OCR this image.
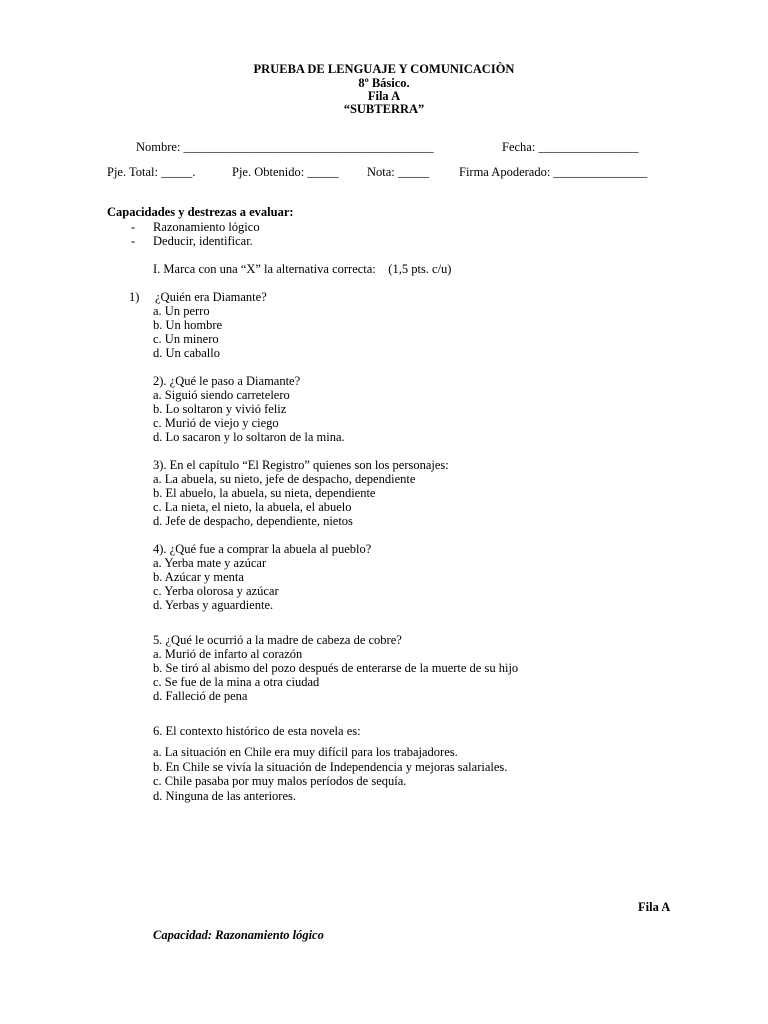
PRUEBA DE LENGUAJE Y COMUNICACIÒN
8º Básico.
Fila A
“SUBTERRA”
Nombre: ________________________________________	Fecha: ________________
Pje. Total: _____.	Pje. Obtenido: _____ Nota: _____ Firma Apoderado: _______________
Capacidades y destrezas a evaluar:
- Razonamiento lógico
- Deducir, identificar.
I. Marca con una “X” la alternativa correcta:    (1,5 pts. c/u)
1) ¿Quién era Diamante?
a. Un perro
b. Un hombre
c. Un minero
d. Un caballo
2). ¿Qué le paso a Diamante?
a. Siguió siendo carretelero
b. Lo soltaron y vivió feliz
c. Murió de viejo y ciego
d. Lo sacaron y lo soltaron de la mina.
3). En el capítulo “El Registro” quienes son los personajes:
a. La abuela, su nieto, jefe de despacho, dependiente
b. El abuelo, la abuela, su nieta, dependiente
c. La nieta, el nieto, la abuela, el abuelo
d. Jefe de despacho, dependiente, nietos
4). ¿Qué fue a comprar la abuela al pueblo?
a. Yerba mate y azúcar
b. Azúcar y menta
c. Yerba olorosa y azúcar
d. Yerbas y aguardiente.
5. ¿Qué le ocurrió a la madre de cabeza de cobre?
a. Murió de infarto al corazón
b. Se tiró al abismo del pozo después de enterarse de la muerte de su hijo
c. Se fue de la mina a otra ciudad
d. Falleció de pena
6. El contexto histórico de esta novela es:
a. La situación en Chile era muy difícil para los trabajadores.
b. En Chile se vivía la situación de Independencia y mejoras salariales.
c. Chile pasaba por muy malos períodos de sequía.
d. Ninguna de las anteriores.
Fila A
Capacidad: Razonamiento lógico
